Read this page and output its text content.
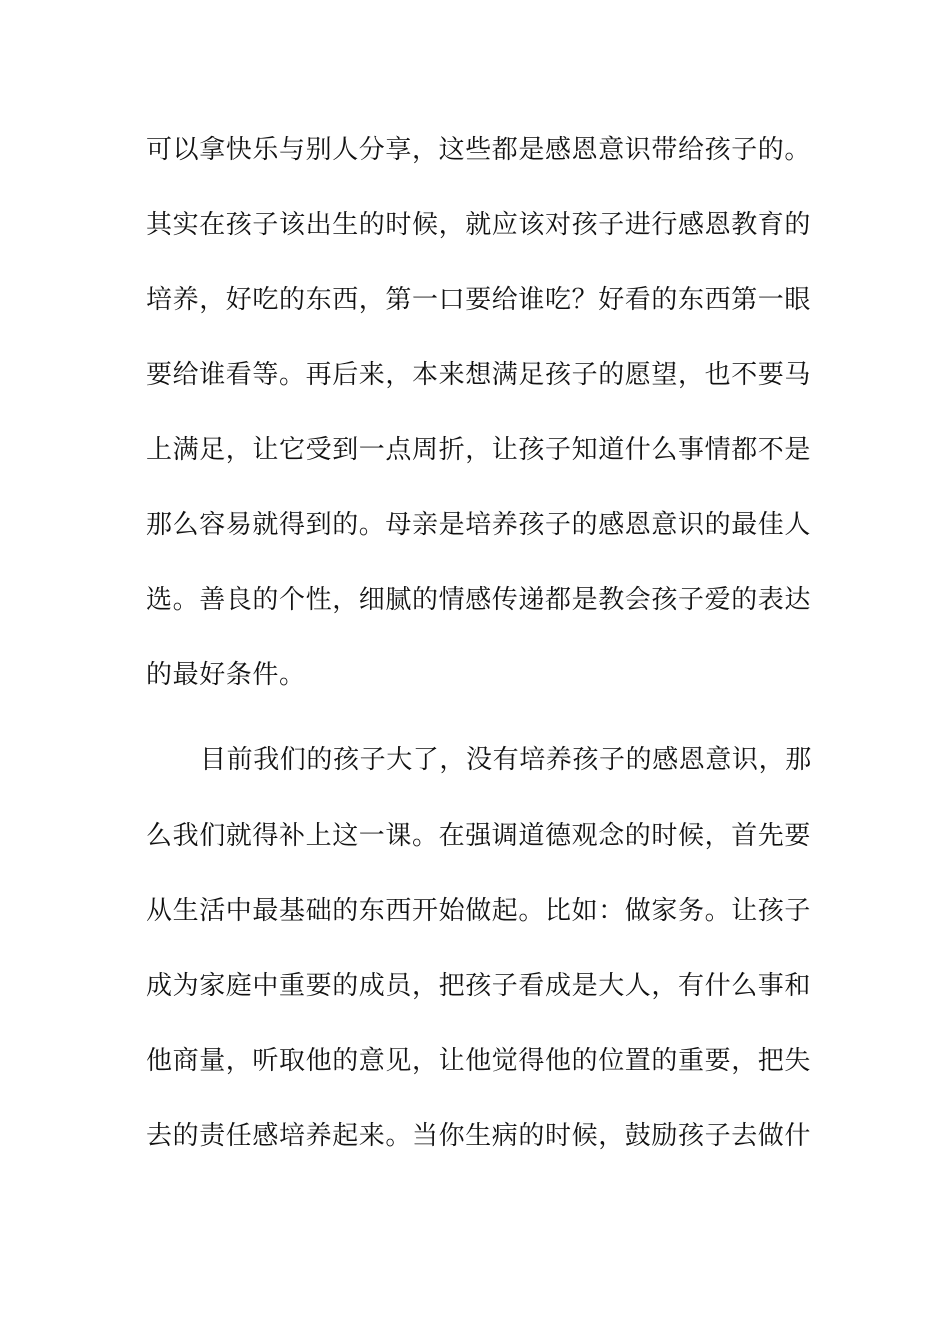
可以拿快乐与别人分享，这些都是感恩意识带给孩子的。
其实在孩子该出生的时候，就应该对孩子进行感恩教育的
培养，好吃的东西，第一口要给谁吃？好看的东西第一眼
要给谁看等。再后来，本来想满足孩子的愿望，也不要马
上满足，让它受到一点周折，让孩子知道什么事情都不是
那么容易就得到的。母亲是培养孩子的感恩意识的最佳人
选。善良的个性，细腻的情感传递都是教会孩子爱的表达
的最好条件。
目前我们的孩子大了，没有培养孩子的感恩意识，那
么我们就得补上这一课。在强调道德观念的时候，首先要
从生活中最基础的东西开始做起。比如：做家务。让孩子
成为家庭中重要的成员，把孩子看成是大人，有什么事和
他商量，听取他的意见，让他觉得他的位置的重要，把失
去的责任感培养起来。当你生病的时候，鼓励孩子去做什
